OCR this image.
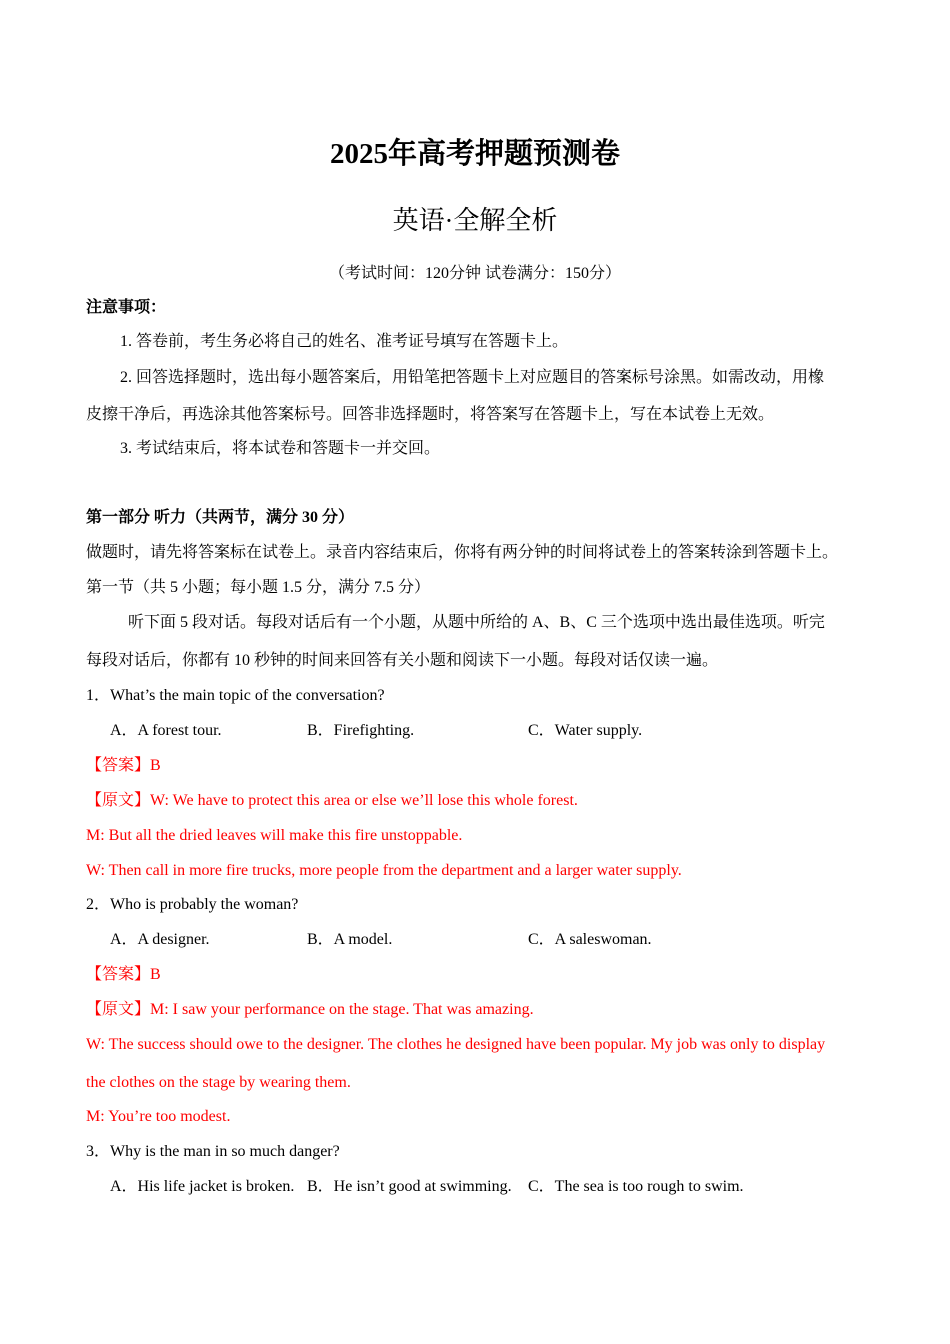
2025年高考押题预测卷
英语·全解全析
（考试时间：120分钟 试卷满分：150分）
注意事项：
1. 答卷前，考生务必将自己的姓名、准考证号填写在答题卡上。
2. 回答选择题时，选出每小题答案后，用铅笔把答题卡上对应题目的答案标号涂黑。如需改动，用橡
皮擦干净后，再选涂其他答案标号。回答非选择题时，将答案写在答题卡上，写在本试卷上无效。
3. 考试结束后，将本试卷和答题卡一并交回。
第一部分 听力（共两节，满分 30 分）
做题时，请先将答案标在试卷上。录音内容结束后，你将有两分钟的时间将试卷上的答案转涂到答题卡上。
第一节（共 5 小题；每小题 1.5 分，满分 7.5 分）
听下面 5 段对话。每段对话后有一个小题，从题中所给的 A、B、C 三个选项中选出最佳选项。听完
每段对话后，你都有 10 秒钟的时间来回答有关小题和阅读下一小题。每段对话仅读一遍。
1．What’s the main topic of the conversation?
A．A forest tour.	B．Firefighting.	C．Water supply.
【答案】B
【原文】W: We have to protect this area or else we’ll lose this whole forest.
M: But all the dried leaves will make this fire unstoppable.
W: Then call in more fire trucks, more people from the department and a larger water supply.
2．Who is probably the woman?
A．A designer.	B．A model.	C．A saleswoman.
【答案】B
【原文】M: I saw your performance on the stage. That was amazing.
W: The success should owe to the designer. The clothes he designed have been popular. My job was only to display
the clothes on the stage by wearing them.
M: You’re too modest.
3．Why is the man in so much danger?
A．His life jacket is broken. B．He isn’t good at swimming. C．The sea is too rough to swim.
